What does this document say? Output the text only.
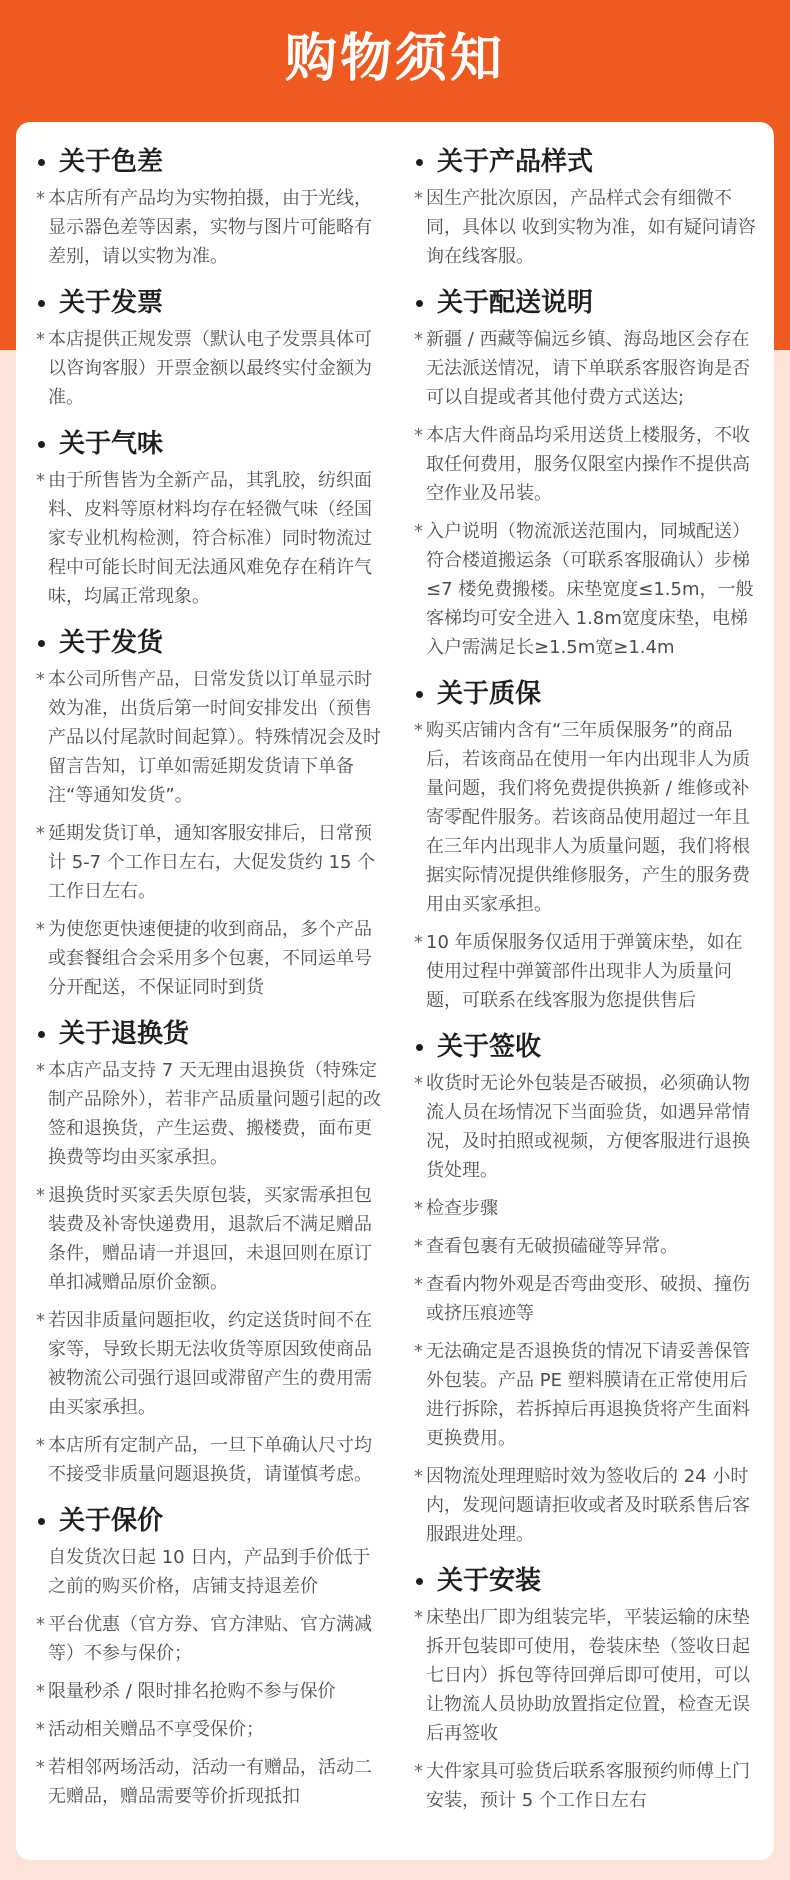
购物须知
关于色差
* 本店所有产品均为实物拍摄，由于光线，显示器色差等因素，实物与图片可能略有差别，请以实物为准。
关于发票
* 本店提供正规发票（默认电子发票具体可以咨询客服）开票金额以最终实付金额为准。
关于气味
* 由于所售皆为全新产品，其乳胶，纺织面料、皮料等原材料均存在轻微气味（经国家专业机构检测，符合标准）同时物流过程中可能长时间无法通风难免存在稍许气味，均属正常现象。
关于发货
* 本公司所售产品，日常发货以订单显示时效为准，出货后第一时间安排发出（预售产品以付尾款时间起算）。特殊情况会及时留言告知，订单如需延期发货请下单备注“等通知发货”。
* 延期发货订单，通知客服安排后，日常预计 5-7 个工作日左右，大促发货约 15 个工作日左右。
* 为使您更快速便捷的收到商品，多个产品或套餐组合会采用多个包裹，不同运单号分开配送，不保证同时到货
关于退换货
* 本店产品支持 7 天无理由退换货（特殊定制产品除外），若非产品质量问题引起的改签和退换货，产生运费、搬楼费，面布更换费等均由买家承担。
* 退换货时买家丢失原包装，买家需承担包装费及补寄快递费用，退款后不满足赠品条件，赠品请一并退回，未退回则在原订单扣减赠品原价金额。
* 若因非质量问题拒收，约定送货时间不在家等，导致长期无法收货等原因致使商品被物流公司强行退回或滞留产生的费用需由买家承担。
* 本店所有定制产品，一旦下单确认尺寸均不接受非质量问题退换货，请谨慎考虑。
关于保价
自发货次日起 10 日内，产品到手价低于之前的购买价格，店铺支持退差价
* 平台优惠（官方券、官方津贴、官方满减等）不参与保价；
* 限量秒杀 / 限时排名抢购不参与保价
* 活动相关赠品不享受保价；
* 若相邻两场活动，活动一有赠品，活动二无赠品，赠品需要等价折现抵扣
关于产品样式
* 因生产批次原因，产品样式会有细微不同，具体以 收到实物为准，如有疑问请咨询在线客服。
关于配送说明
* 新疆 / 西藏等偏远乡镇、海岛地区会存在无法派送情况，请下单联系客服咨询是否可以自提或者其他付费方式送达;
* 本店大件商品均采用送货上楼服务，不收取任何费用，服务仅限室内操作不提供高空作业及吊装。
* 入户说明（物流派送范围内，同城配送）符合楼道搬运条（可联系客服确认）步梯≤7 楼免费搬楼。床垫宽度≤1.5m，一般客梯均可安全进入 1.8m宽度床垫，电梯入户需满足长≥1.5m宽≥1.4m
关于质保
* 购买店铺内含有“三年质保服务”的商品后，若该商品在使用一年内出现非人为质量问题，我们将免费提供换新 / 维修或补寄零配件服务。若该商品使用超过一年且在三年内出现非人为质量问题，我们将根据实际情况提供维修服务，产生的服务费用由买家承担。
* 10 年质保服务仅适用于弹簧床垫，如在使用过程中弹簧部件出现非人为质量问题，可联系在线客服为您提供售后
关于签收
* 收货时无论外包装是否破损，必须确认物流人员在场情况下当面验货，如遇异常情况，及时拍照或视频，方便客服进行退换货处理。
* 检查步骤
* 查看包裹有无破损磕碰等异常。
* 查看内物外观是否弯曲变形、破损、撞伤或挤压痕迹等
* 无法确定是否退换货的情况下请妥善保管外包装。产品 PE 塑料膜请在正常使用后进行拆除，若拆掉后再退换货将产生面料更换费用。
* 因物流处理理赔时效为签收后的 24 小时内，发现问题请拒收或者及时联系售后客服跟进处理。
关于安装
* 床垫出厂即为组装完毕，平装运输的床垫拆开包装即可使用，卷装床垫（签收日起七日内）拆包等待回弹后即可使用，可以让物流人员协助放置指定位置，检查无误后再签收
* 大件家具可验货后联系客服预约师傅上门安装，预计 5 个工作日左右
